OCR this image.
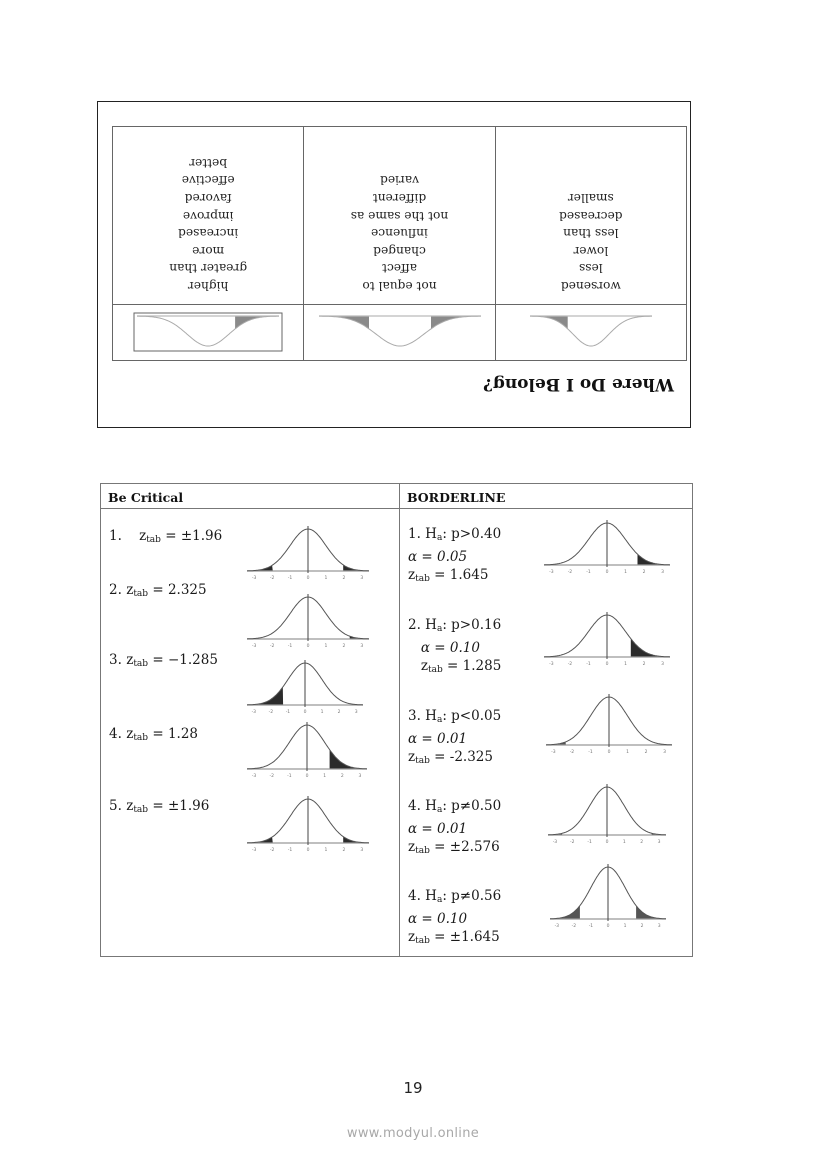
Where Do I Belong?

worsened
less
lower
less than
decreased
smaller

not equal to
affect
changed
influence
not the same as
different
varied

higher
greater than
more
increased
improve
favored
effective
better
Be Critical	BORDERLINE

1. $z_{tab} = \pm 1.96$
-3	-2	-1	0	1	2	3
2. $z_{tab} = 2.325$
-3	-2	-1	0	1	2	3
3. $z_{tab} = -1.285$
-3	-2	-1	0	1	2	3
4. $z_{tab} = 1.28$
-3	-2	-1	0	1	2	3
5. $z_{tab} = \pm 1.96$
-3	-2	-1	0	1	2	3

1. $H_a$: p>0.40
α = 0.05
$z_{tab} = 1.645$	-3	-2	-1	0	1	2	3
2. $H_a$: p>0.16
α = 0.10
$z_{tab} = 1.285$	-3	-2	-1	0	1	2	3
3. $H_a$: p<0.05
α = 0.01
$z_{tab} = -2.325$	-3	-2	-1	0	1	2	3
4. $H_a$: p≠0.50
α = 0.01
$z_{tab} = \pm 2.576$	-3	-2	-1	0	1	2	3
4. $H_a$: p≠0.56
α = 0.10
$z_{tab} = \pm 1.645$
-3	-2	-1	0	1	2	3
19
www.modyul.online
